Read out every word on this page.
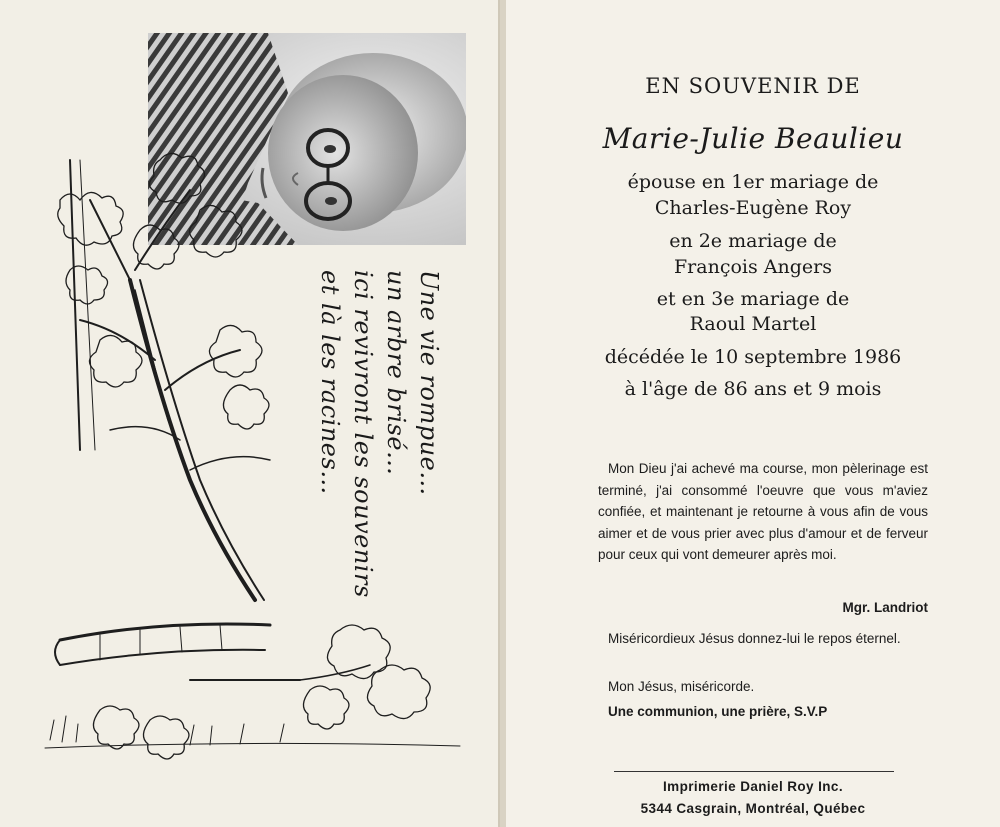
Une vie rompue…
un arbre brisé…
ici revivront les souvenirs
et là les racines…
EN SOUVENIR DE
Marie-Julie Beaulieu
épouse en 1er mariage de
Charles-Eugène Roy
en 2e mariage de
François Angers
et en 3e mariage de
Raoul Martel
décédée le 10 septembre 1986
à l'âge de 86 ans et 9 mois

Mon Dieu j'ai achevé ma course, mon pèlerinage est terminé, j'ai consommé l'oeuvre que vous m'aviez confiée, et maintenant je retourne à vous afin de vous aimer et de vous prier avec plus d'amour et de ferveur pour ceux qui vont demeurer après moi.

Mgr. Landriot
Miséricordieux Jésus donnez-lui le repos éternel.
Mon Jésus, miséricorde.
Une communion, une prière, S.V.P
Imprimerie Daniel Roy Inc.
5344 Casgrain, Montréal, Québec
